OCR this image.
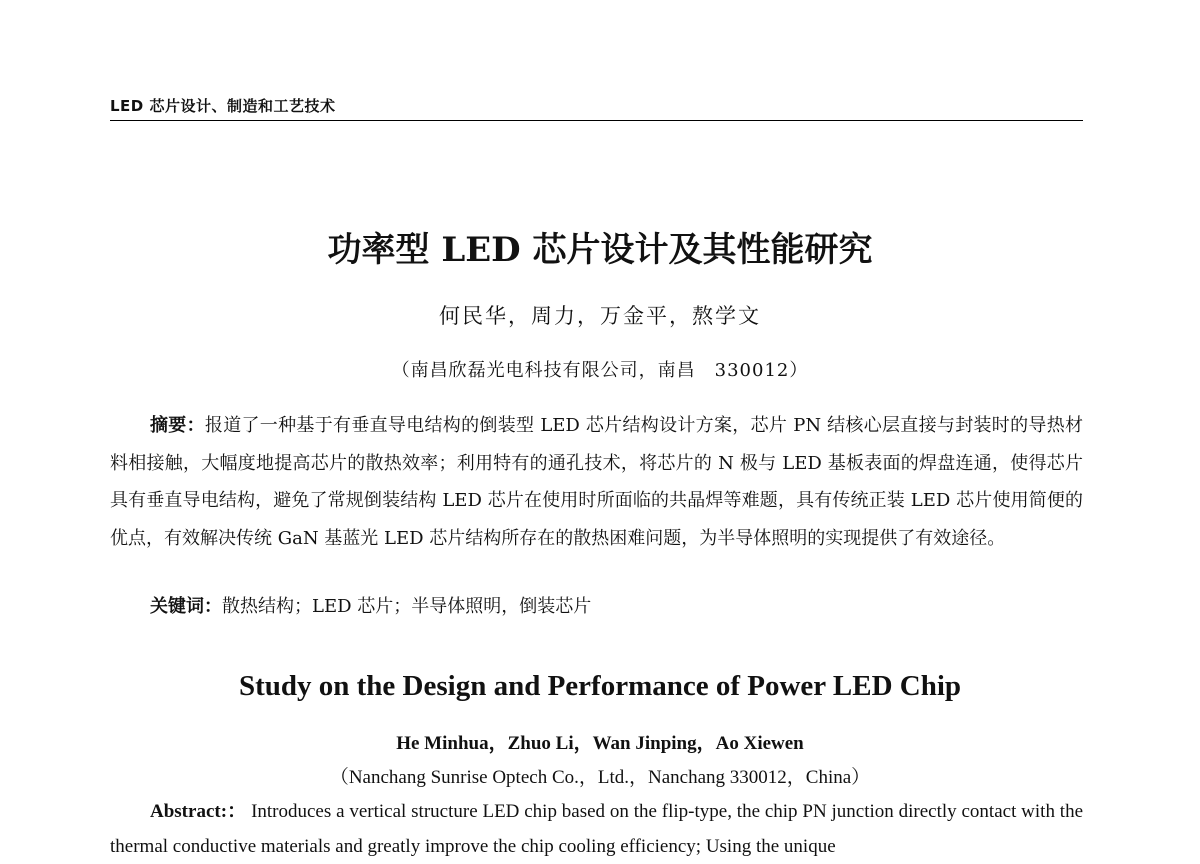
LED 芯片设计、制造和工艺技术
功率型 LED 芯片设计及其性能研究
何民华，周力，万金平，熬学文
（南昌欣磊光电科技有限公司，南昌　330012）

摘要：报道了一种基于有垂直导电结构的倒装型 LED 芯片结构设计方案，芯片 PN 结核心层直接与封装时的导热材料相接触，大幅度地提高芯片的散热效率；利用特有的通孔技术，将芯片的 N 极与 LED 基板表面的焊盘连通，使得芯片具有垂直导电结构，避免了常规倒装结构 LED 芯片在使用时所面临的共晶焊等难题，具有传统正装 LED 芯片使用简便的优点，有效解决传统 GaN 基蓝光 LED 芯片结构所存在的散热困难问题，为半导体照明的实现提供了有效途径。

关键词：散热结构；LED 芯片；半导体照明，倒装芯片

Study on the Design and Performance of Power LED Chip
He Minhua，Zhuo Li，Wan Jinping，Ao Xiewen
（Nanchang Sunrise Optech Co.，Ltd.，Nanchang 330012，China）

Abstract:： Introduces a vertical structure LED chip based on the flip-type, the chip PN junction directly contact with the thermal conductive materials and greatly improve the chip cooling efficiency; Using the unique
